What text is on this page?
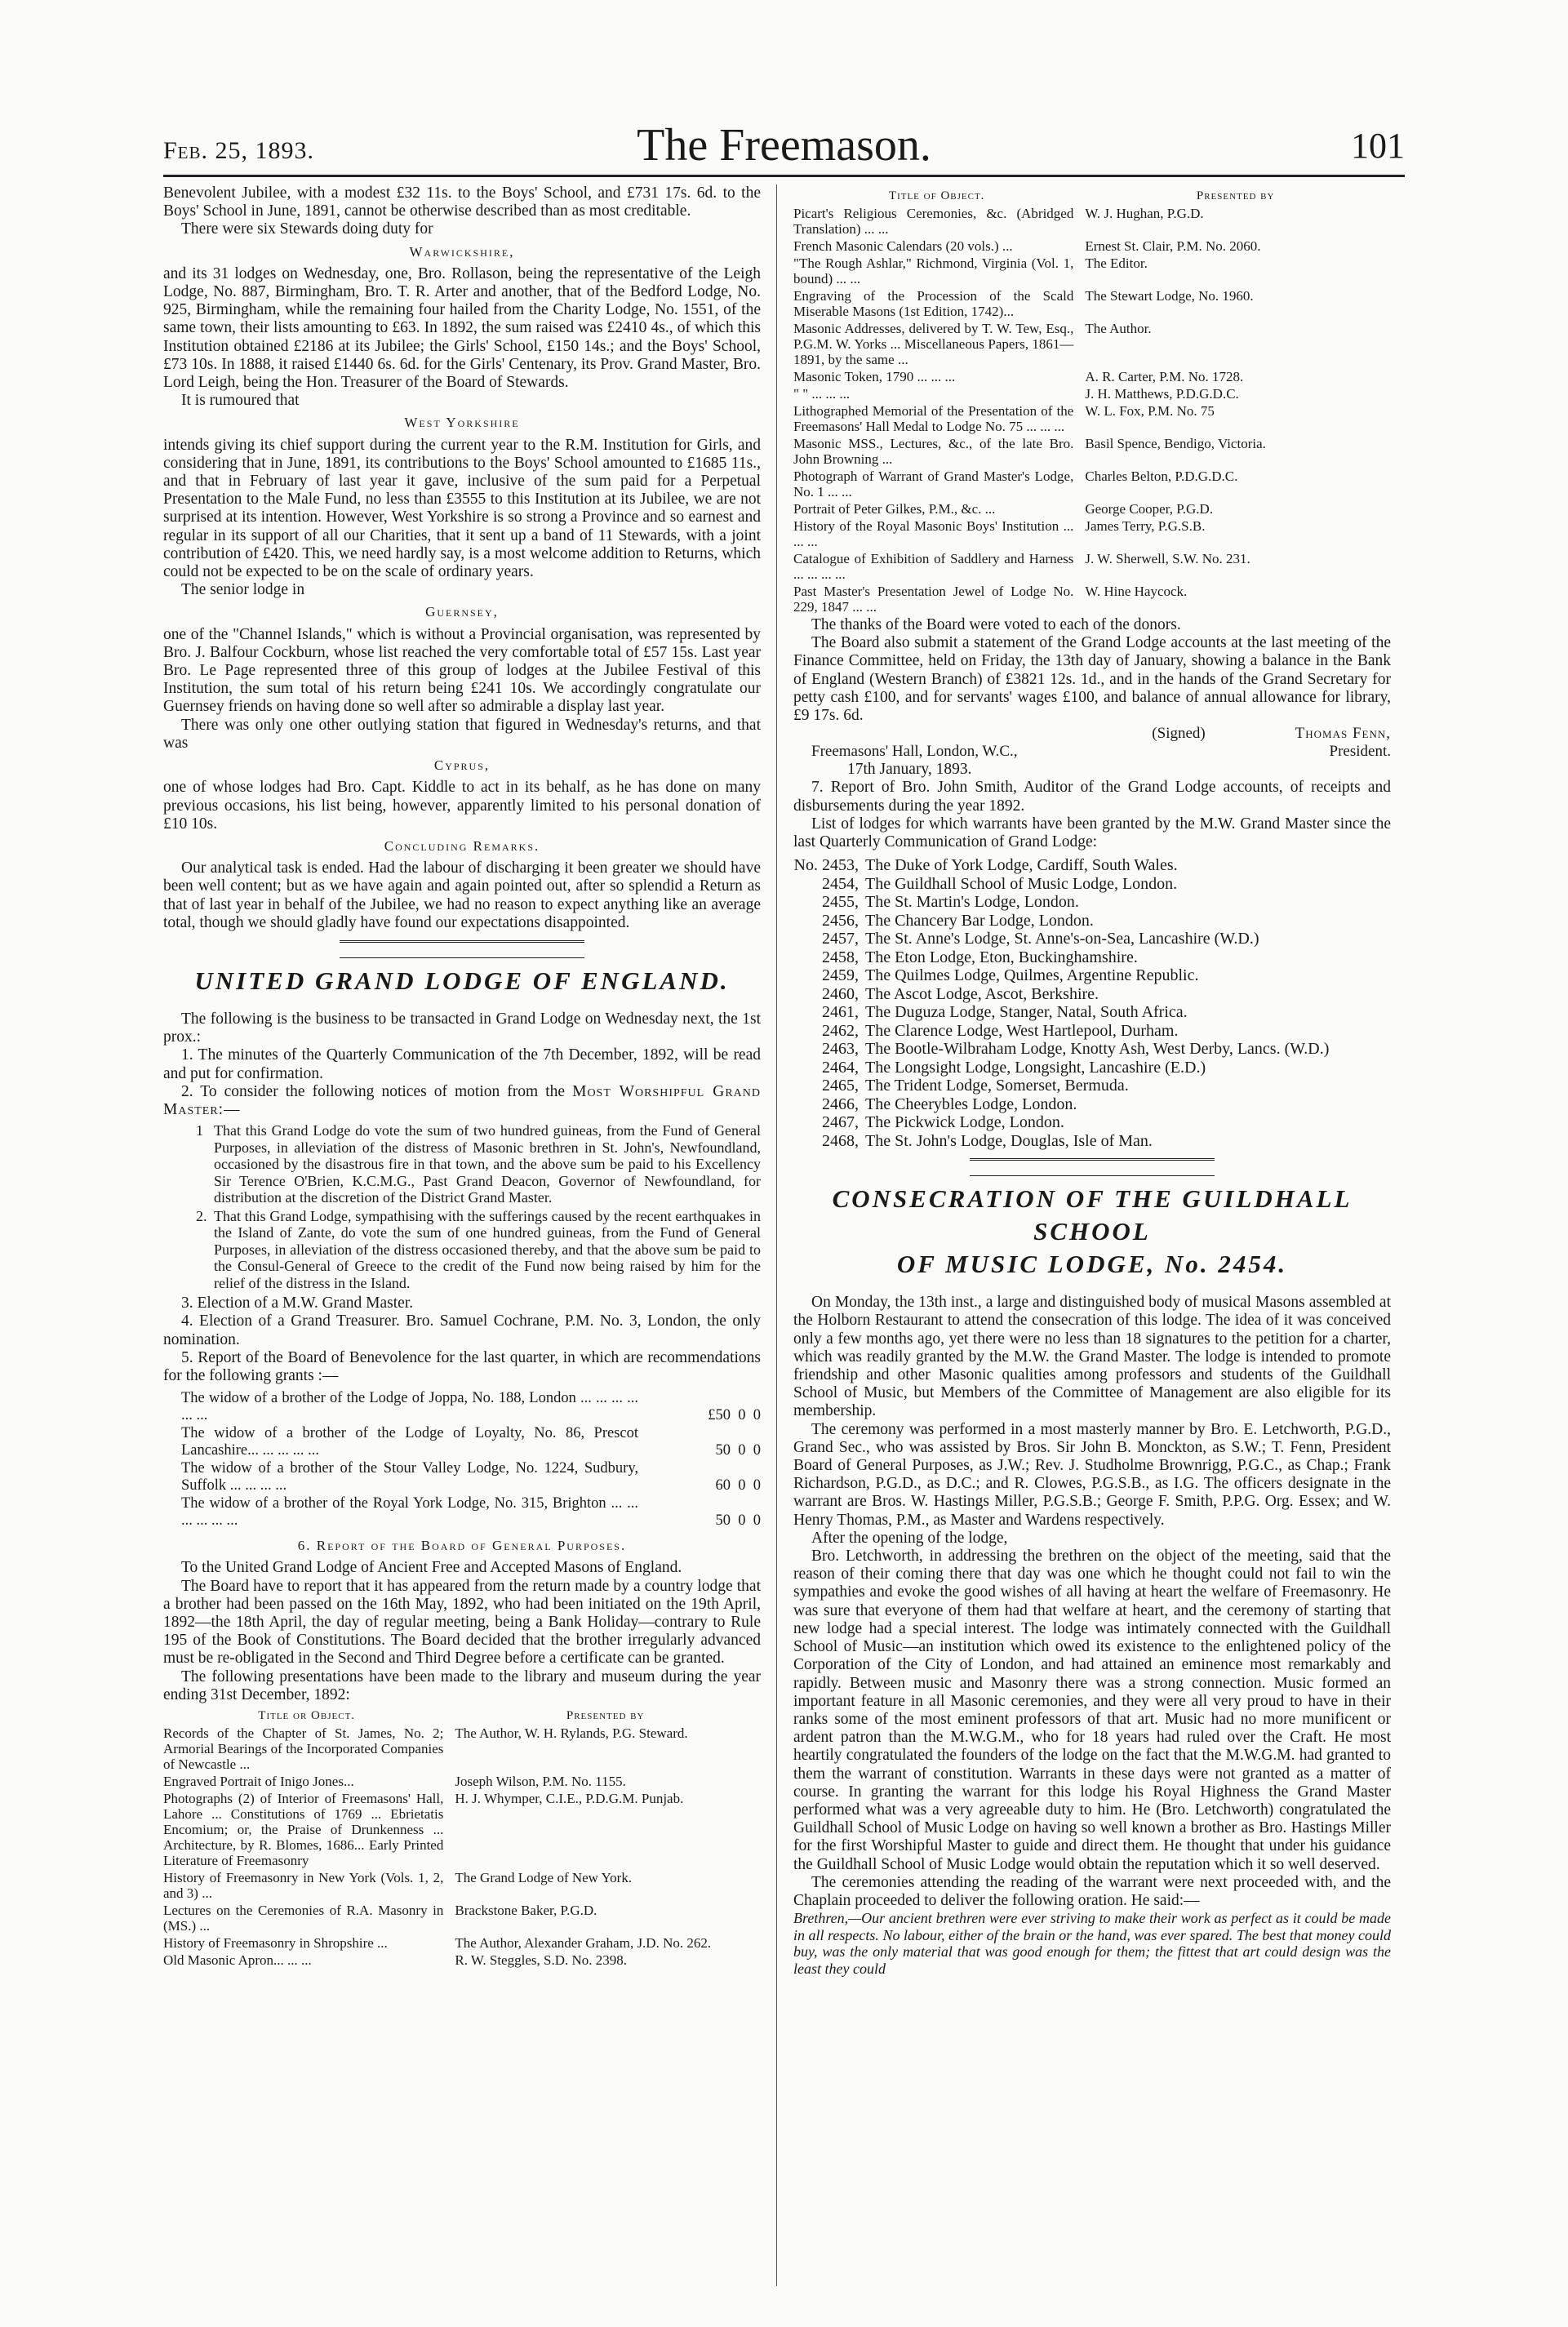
Feb. 25, 1893.	The Freemason.	101

Benevolent Jubilee, with a modest £32 11s. to the Boys' School, and £731 17s. 6d. to the Boys' School in June, 1891, cannot be otherwise described than as most creditable.

There were six Stewards doing duty for

Warwickshire,

and its 31 lodges on Wednesday, one, Bro. Rollason, being the representative of the Leigh Lodge, No. 887, Birmingham, Bro. T. R. Arter and another, that of the Bedford Lodge, No. 925, Birmingham, while the remaining four hailed from the Charity Lodge, No. 1551, of the same town, their lists amounting to £63. In 1892, the sum raised was £2410 4s., of which this Institution obtained £2186 at its Jubilee; the Girls' School, £150 14s.; and the Boys' School, £73 10s. In 1888, it raised £1440 6s. 6d. for the Girls' Centenary, its Prov. Grand Master, Bro. Lord Leigh, being the Hon. Treasurer of the Board of Stewards.

It is rumoured that

West Yorkshire

intends giving its chief support during the current year to the R.M. Institution for Girls, and considering that in June, 1891, its contributions to the Boys' School amounted to £1685 11s., and that in February of last year it gave, inclusive of the sum paid for a Perpetual Presentation to the Male Fund, no less than £3555 to this Institution at its Jubilee, we are not surprised at its intention. However, West Yorkshire is so strong a Province and so earnest and regular in its support of all our Charities, that it sent up a band of 11 Stewards, with a joint contribution of £420. This, we need hardly say, is a most welcome addition to Returns, which could not be expected to be on the scale of ordinary years.

The senior lodge in

Guernsey,

one of the "Channel Islands," which is without a Provincial organisation, was represented by Bro. J. Balfour Cockburn, whose list reached the very comfortable total of £57 15s. Last year Bro. Le Page represented three of this group of lodges at the Jubilee Festival of this Institution, the sum total of his return being £241 10s. We accordingly congratulate our Guernsey friends on having done so well after so admirable a display last year.

There was only one other outlying station that figured in Wednesday's returns, and that was

Cyprus,

one of whose lodges had Bro. Capt. Kiddle to act in its behalf, as he has done on many previous occasions, his list being, however, apparently limited to his personal donation of £10 10s.

Concluding Remarks.

Our analytical task is ended. Had the labour of discharging it been greater we should have been well content; but as we have again and again pointed out, after so splendid a Return as that of last year in behalf of the Jubilee, we had no reason to expect anything like an average total, though we should gladly have found our expectations disappointed.

UNITED GRAND LODGE OF ENGLAND.

The following is the business to be transacted in Grand Lodge on Wednesday next, the 1st prox.:

1. The minutes of the Quarterly Communication of the 7th December, 1892, will be read and put for confirmation.

2. To consider the following notices of motion from the Most Worshipful Grand Master:—

1 That this Grand Lodge do vote the sum of two hundred guineas, from the Fund of General Purposes, in alleviation of the distress of Masonic brethren in St. John's, Newfoundland, occasioned by the disastrous fire in that town, and the above sum be paid to his Excellency Sir Terence O'Brien, K.C.M.G., Past Grand Deacon, Governor of Newfoundland, for distribution at the discretion of the District Grand Master.
2. That this Grand Lodge, sympathising with the sufferings caused by the recent earthquakes in the Island of Zante, do vote the sum of one hundred guineas, from the Fund of General Purposes, in alleviation of the distress occasioned thereby, and that the above sum be paid to the Consul-General of Greece to the credit of the Fund now being raised by him for the relief of the distress in the Island.

3. Election of a M.W. Grand Master.

4. Election of a Grand Treasurer. Bro. Samuel Cochrane, P.M. No. 3, London, the only nomination.

5. Report of the Board of Benevolence for the last quarter, in which are recommendations for the following grants :—

The widow of a brother of the Lodge of Joppa, No. 188, London ... ... ... ... ... ...	£50  0  0
The widow of a brother of the Lodge of Loyalty, No. 86, Prescot Lancashire... ... ... ... ...	50  0  0
The widow of a brother of the Stour Valley Lodge, No. 1224, Sudbury, Suffolk ... ... ... ...	60  0  0
The widow of a brother of the Royal York Lodge, No. 315, Brighton ... ... ... ... ... ...	50  0  0
6. Report of the Board of General Purposes.

To the United Grand Lodge of Ancient Free and Accepted Masons of England.

The Board have to report that it has appeared from the return made by a country lodge that a brother had been passed on the 16th May, 1892, who had been initiated on the 19th April, 1892—the 18th April, the day of regular meeting, being a Bank Holiday—contrary to Rule 195 of the Book of Constitutions. The Board decided that the brother irregularly advanced must be re-obligated in the Second and Third Degree before a certificate can be granted.

The following presentations have been made to the library and museum during the year ending 31st December, 1892:

Title or Object.	Presented by
Records of the Chapter of St. James, No. 2; Armorial Bearings of the Incorporated Companies of Newcastle ...	The Author, W. H. Rylands, P.G. Steward.
Engraved Portrait of Inigo Jones...	Joseph Wilson, P.M. No. 1155.
Photographs (2) of Interior of Freemasons' Hall, Lahore ... Constitutions of 1769 ... Ebrietatis Encomium; or, the Praise of Drunkenness ... Architecture, by R. Blomes, 1686... Early Printed Literature of Freemasonry	H. J. Whymper, C.I.E., P.D.G.M. Punjab.
History of Freemasonry in New York (Vols. 1, 2, and 3) ...	The Grand Lodge of New York.
Lectures on the Ceremonies of R.A. Masonry in (MS.) ...	Brackstone Baker, P.G.D.
History of Freemasonry in Shropshire ...	The Author, Alexander Graham, J.D. No. 262.
Old Masonic Apron... ... ...	R. W. Steggles, S.D. No. 2398.
Title of Object.	Presented by
Picart's Religious Ceremonies, &c. (Abridged Translation) ... ...	W. J. Hughan, P.G.D.
French Masonic Calendars (20 vols.) ...	Ernest St. Clair, P.M. No. 2060.
"The Rough Ashlar," Richmond, Virginia (Vol. 1, bound) ... ...	The Editor.
Engraving of the Procession of the Scald Miserable Masons (1st Edition, 1742)...	The Stewart Lodge, No. 1960.
Masonic Addresses, delivered by T. W. Tew, Esq., P.G.M. W. Yorks ... Miscellaneous Papers, 1861—1891, by the same ...	The Author.
Masonic Token, 1790 ... ... ...	A. R. Carter, P.M. No. 1728.
" " ... ... ...	J. H. Matthews, P.D.G.D.C.
Lithographed Memorial of the Presentation of the Freemasons' Hall Medal to Lodge No. 75 ... ... ...	W. L. Fox, P.M. No. 75
Masonic MSS., Lectures, &c., of the late Bro. John Browning ...	Basil Spence, Bendigo, Victoria.
Photograph of Warrant of Grand Master's Lodge, No. 1 ... ...	Charles Belton, P.D.G.D.C.
Portrait of Peter Gilkes, P.M., &c. ...	George Cooper, P.G.D.
History of the Royal Masonic Boys' Institution ... ... ...	James Terry, P.G.S.B.
Catalogue of Exhibition of Saddlery and Harness ... ... ... ...	J. W. Sherwell, S.W. No. 231.
Past Master's Presentation Jewel of Lodge No. 229, 1847 ... ...	W. Hine Haycock.

The thanks of the Board were voted to each of the donors.

The Board also submit a statement of the Grand Lodge accounts at the last meeting of the Finance Committee, held on Friday, the 13th day of January, showing a balance in the Bank of England (Western Branch) of £3821 12s. 1d., and in the hands of the Grand Secretary for petty cash £100, and for servants' wages £100, and balance of annual allowance for library, £9 17s. 6d.

(Signed)	Thomas Fenn,
Freemasons' Hall, London, W.C.,	President.

17th January, 1893.

7. Report of Bro. John Smith, Auditor of the Grand Lodge accounts, of receipts and disbursements during the year 1892.

List of lodges for which warrants have been granted by the M.W. Grand Master since the last Quarterly Communication of Grand Lodge:

No. 2453, The Duke of York Lodge, Cardiff, South Wales.
2454, The Guildhall School of Music Lodge, London.
2455, The St. Martin's Lodge, London.
2456, The Chancery Bar Lodge, London.
2457, The St. Anne's Lodge, St. Anne's-on-Sea, Lancashire (W.D.)
2458, The Eton Lodge, Eton, Buckinghamshire.
2459, The Quilmes Lodge, Quilmes, Argentine Republic.
2460, The Ascot Lodge, Ascot, Berkshire.
2461, The Duguza Lodge, Stanger, Natal, South Africa.
2462, The Clarence Lodge, West Hartlepool, Durham.
2463, The Bootle-Wilbraham Lodge, Knotty Ash, West Derby, Lancs. (W.D.)
2464, The Longsight Lodge, Longsight, Lancashire (E.D.)
2465, The Trident Lodge, Somerset, Bermuda.
2466, The Cheerybles Lodge, London.
2467, The Pickwick Lodge, London.
2468, The St. John's Lodge, Douglas, Isle of Man.
CONSECRATION OF THE GUILDHALL SCHOOL
OF MUSIC LODGE, No. 2454.

On Monday, the 13th inst., a large and distinguished body of musical Masons assembled at the Holborn Restaurant to attend the consecration of this lodge. The idea of it was conceived only a few months ago, yet there were no less than 18 signatures to the petition for a charter, which was readily granted by the M.W. the Grand Master. The lodge is intended to promote friendship and other Masonic qualities among professors and students of the Guildhall School of Music, but Members of the Committee of Management are also eligible for its membership.

The ceremony was performed in a most masterly manner by Bro. E. Letchworth, P.G.D., Grand Sec., who was assisted by Bros. Sir John B. Monckton, as S.W.; T. Fenn, President Board of General Purposes, as J.W.; Rev. J. Studholme Brownrigg, P.G.C., as Chap.; Frank Richardson, P.G.D., as D.C.; and R. Clowes, P.G.S.B., as I.G. The officers designate in the warrant are Bros. W. Hastings Miller, P.G.S.B.; George F. Smith, P.P.G. Org. Essex; and W. Henry Thomas, P.M., as Master and Wardens respectively.

After the opening of the lodge,

Bro. Letchworth, in addressing the brethren on the object of the meeting, said that the reason of their coming there that day was one which he thought could not fail to win the sympathies and evoke the good wishes of all having at heart the welfare of Freemasonry. He was sure that everyone of them had that welfare at heart, and the ceremony of starting that new lodge had a special interest. The lodge was intimately connected with the Guildhall School of Music—an institution which owed its existence to the enlightened policy of the Corporation of the City of London, and had attained an eminence most remarkably and rapidly. Between music and Masonry there was a strong connection. Music formed an important feature in all Masonic ceremonies, and they were all very proud to have in their ranks some of the most eminent professors of that art. Music had no more munificent or ardent patron than the M.W.G.M., who for 18 years had ruled over the Craft. He most heartily congratulated the founders of the lodge on the fact that the M.W.G.M. had granted to them the warrant of constitution. Warrants in these days were not granted as a matter of course. In granting the warrant for this lodge his Royal Highness the Grand Master performed what was a very agreeable duty to him. He (Bro. Letchworth) congratulated the Guildhall School of Music Lodge on having so well known a brother as Bro. Hastings Miller for the first Worshipful Master to guide and direct them. He thought that under his guidance the Guildhall School of Music Lodge would obtain the reputation which it so well deserved.

The ceremonies attending the reading of the warrant were next proceeded with, and the Chaplain proceeded to deliver the following oration. He said:—

Brethren,—Our ancient brethren were ever striving to make their work as perfect as it could be made in all respects. No labour, either of the brain or the hand, was ever spared. The best that money could buy, was the only material that was good enough for them; the fittest that art could design was the least they could
